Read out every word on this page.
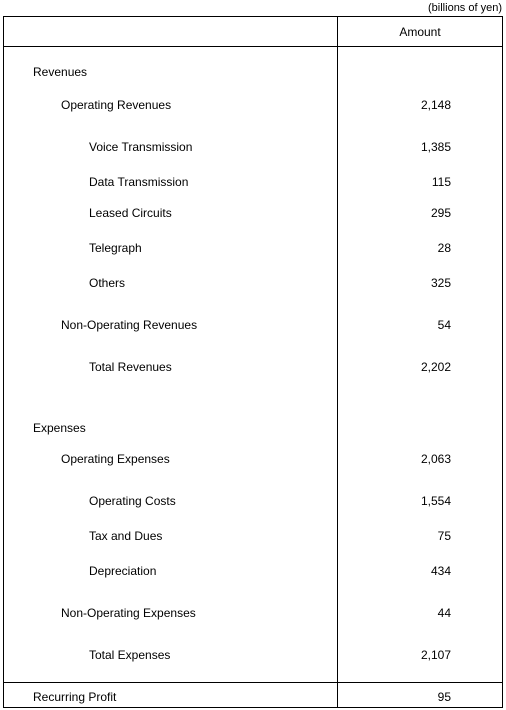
(billions of yen)
Amount
Revenues
Operating Revenues	2,148
Voice Transmission	1,385
Data Transmission	115
Leased Circuits	295
Telegraph	28
Others	325
Non-Operating Revenues	54
Total Revenues	2,202
Expenses
Operating Expenses	2,063
Operating Costs	1,554
Tax and Dues	75
Depreciation	434
Non-Operating Expenses	44
Total Expenses	2,107
Recurring Profit	95
